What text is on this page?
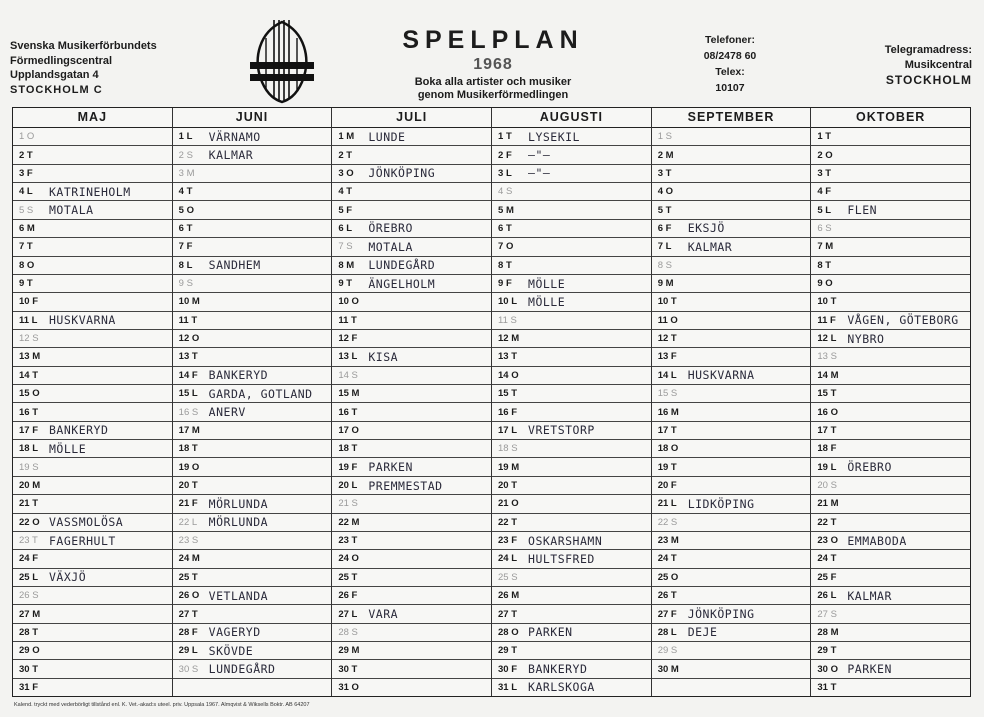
Svenska Musikerförbundets
Förmedlingscentral
Upplandsgatan 4
STOCKHOLM C
SPELPLAN
1968
Boka alla artister och musiker
genom Musikerförmedlingen
Telefoner:
08/2478 60
Telex:
10107
Telegramadress:
Musikcentral
STOCKHOLM
MAJ
1 O
2 T
3 F
4 L	KATRINEHOLM
5 S	MOTALA
6 M
7 T
8 O
9 T
10 F
11 L	HUSKVARNA
12 S
13 M
14 T
15 O
16 T
17 F BANKERYD
18 L MÖLLE
19 S
20 M
21 T
22 O VASSMOLÖSA
23 T FAGERHULT
24 F
25 L VÄXJÖ
26 S
27 M
28 T
29 O
30 T
31 F
JUNI
1 L	VÄRNAMO
2 S	KALMAR
3 M
4 T
5 O
6 T
7 F
8 L	SANDHEM
9 S
10 M
11 T
12 O
13 T
14 F BANKERYD
15 L GARDA, GOTLAND
16 S ANERV
17 M
18 T
19 O
20 T
21 F MÖRLUNDA
22 L	MÖRLUNDA
23 S
24 M
25 T
26 O VETLANDA
27 T
28 F VAGERYD
29 L SKÖVDE
30 S LUNDEGÅRD
JULI
1 M	LUNDE
2 T
3 O	JÖNKÖPING
4 T
5 F
6 L	ÖREBRO
7 S	MOTALA
8 M	LUNDEGÅRD
9 T	ÄNGELHOLM
10 O
11 T
12 F
13 L KISA
14 S
15 M
16 T
17 O
18 T
19 F PARKEN
20 L PREMMESTAD
21 S
22 M
23 T
24 O
25 T
26 F
27 L VARA
28 S
29 M
30 T
31 O
AUGUSTI
1 T	LYSEKIL
2 F	—"—
3 L	—"—
4 S
5 M
6 T
7 O
8 T
9 F	MÖLLE
10 L MÖLLE
11 S
12 M
13 T
14 O
15 T
16 F
17 L VRETSTORP
18 S
19 M
20 T
21 O
22 T
23 F OSKARSHAMN
24 L HULTSFRED
25 S
26 M
27 T
28 O PARKEN
29 T
30 F BANKERYD
31 L KARLSKOGA
SEPTEMBER
1 S
2 M
3 T
4 O
5 T
6 F	EKSJÖ
7 L	KALMAR
8 S
9 M
10 T
11 O
12 T
13 F
14 L HUSKVARNA
15 S
16 M
17 T
18 O
19 T
20 F
21 L LIDKÖPING
22 S
23 M
24 T
25 O
26 T
27 F JÖNKÖPING
28 L DEJE
29 S
30 M
OKTOBER
1 T
2 O
3 T
4 F
5 L	FLEN
6 S
7 M
8 T
9 O
10 T
11 F	VÅGEN, GÖTEBORG
12 L NYBRO
13 S
14 M
15 T
16 O
17 T
18 F
19 L ÖREBRO
20 S
21 M
22 T
23 O EMMABODA
24 T
25 F
26 L KALMAR
27 S
28 M
29 T
30 O PARKEN
31 T
Kalend. tryckt med vederbörligt tillstånd enl. K. Vet.-akad:s uteel. priv. Uppsala 1967. Almqvist & Wiksells Boktr. AB 64207
